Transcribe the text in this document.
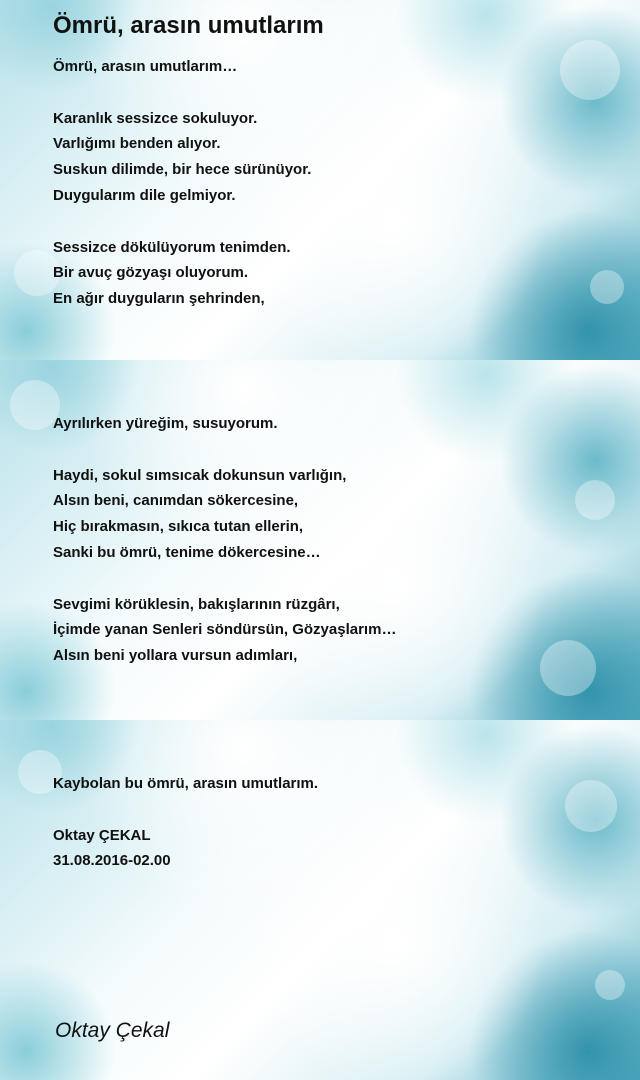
Ömrü, arasın umutlarım
Ömrü, arasın umutlarım…
Karanlık sessizce sokuluyor.
Varlığımı benden alıyor.
Suskun dilimde, bir hece sürünüyor.
Duygularım dile gelmiyor.
Sessizce dökülüyorum tenimden.
Bir avuç gözyaşı oluyorum.
En ağır duyguların şehrinden,
Ayrılırken yüreğim, susuyorum.
Haydi, sokul sımsıcak dokunsun varlığın,
Alsın beni, canımdan sökercesine,
Hiç bırakmasın, sıkıca tutan ellerin,
Sanki bu ömrü, tenime dökercesine…
Sevgimi körüklesin, bakışlarının rüzgârı,
İçimde yanan Senleri söndürsün, Gözyaşlarım…
Alsın beni yollara vursun adımları,
Kaybolan bu ömrü, arasın umutlarım.
Oktay ÇEKAL
31.08.2016-02.00
Oktay Çekal
